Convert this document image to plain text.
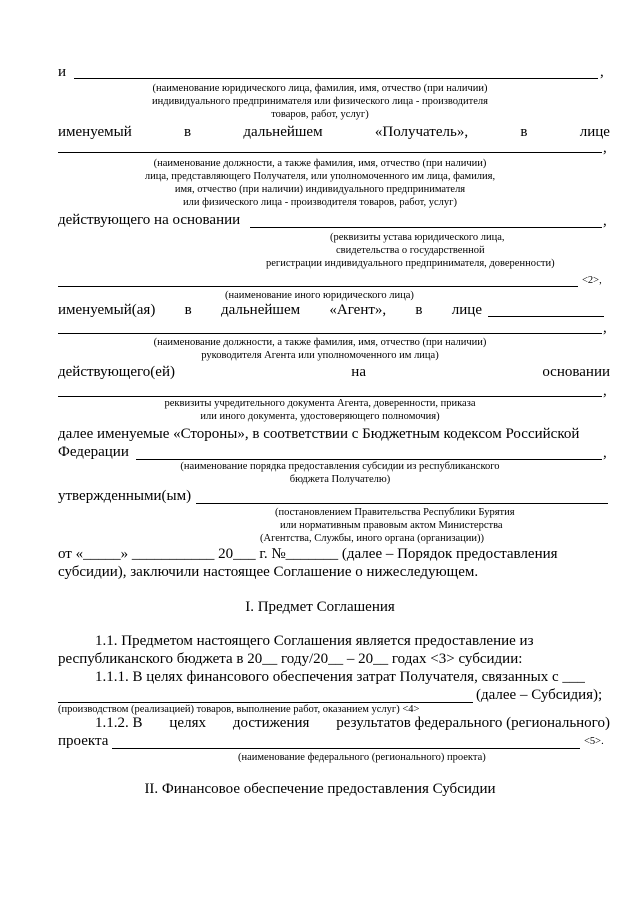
и	,
(наименование юридического лица, фамилия, имя, отчество (при наличии)
индивидуального предпринимателя или физического лица - производителя
товаров, работ, услуг)
именуемый	в	дальнейшем	«Получатель»,	в	лице
,
(наименование должности, а также фамилия, имя, отчество (при наличии)
лица, представляющего Получателя, или уполномоченного им лица, фамилия,
имя, отчество (при наличии) индивидуального предпринимателя
или физического лица - производителя товаров, работ, услуг)
действующего на основании	,
(реквизиты устава юридического лица,
свидетельства о государственной
регистрации индивидуального предпринимателя, доверенности)
<2>,
(наименование иного юридического лица)
именуемый(ая) в дальнейшем «Агент», в лице
,
(наименование должности, а также фамилия, имя, отчество (при наличии)
руководителя Агента или уполномоченного им лица)
действующего(ей)	на	основании
,
реквизиты учредительного документа Агента, доверенности, приказа
или иного документа, удостоверяющего полномочия)
далее именуемые «Стороны», в соответствии с Бюджетным кодексом Российской
Федерации	,
(наименование порядка предоставления субсидии из республиканского
бюджета Получателю)
утвержденными(ым)
(постановлением Правительства Республики Бурятия
или нормативным правовым актом Министерства
(Агентства, Службы, иного органа (организации))
от «_____» ___________ 20___ г. №_______ (далее – Порядок предоставления
субсидии), заключили настоящее Соглашение о нижеследующем.
I. Предмет Соглашения
1.1. Предметом настоящего Соглашения является предоставление из
республиканского бюджета в 20__ году/20__ – 20__ годах <3> субсидии:
1.1.1. В целях финансового обеспечения затрат Получателя, связанных с ___
(далее – Субсидия);
(производством (реализацией) товаров, выполнение работ, оказанием услуг) <4>
1.1.2. В целях достижения результатов федерального (регионального)
проекта	<5>.
(наименование федерального (регионального) проекта)
II. Финансовое обеспечение предоставления Субсидии
